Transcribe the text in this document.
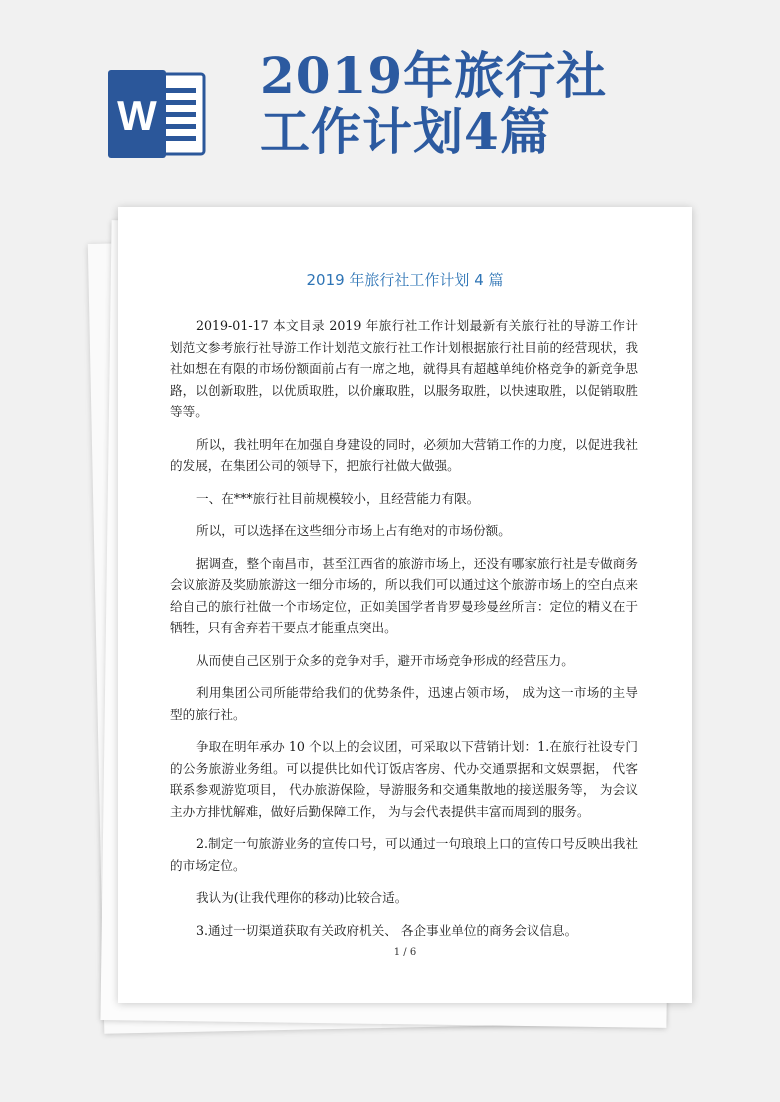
W
2019年旅行社
工作计划4篇
2019 年旅行社工作计划 4 篇

2019-01-17 本文目录 2019 年旅行社工作计划最新有关旅行社的导游工作计划范文参考旅行社导游工作计划范文旅行社工作计划根据旅行社目前的经营现状，我社如想在有限的市场份额面前占有一席之地，就得具有超越单纯价格竞争的新竞争思路，以创新取胜，以优质取胜，以价廉取胜，以服务取胜，以快速取胜，以促销取胜等等。

所以，我社明年在加强自身建设的同时，必须加大营销工作的力度，以促进我社的发展，在集团公司的领导下，把旅行社做大做强。

一、在***旅行社目前规模较小，且经营能力有限。

所以，可以选择在这些细分市场上占有绝对的市场份额。

据调查，整个南昌市，甚至江西省的旅游市场上，还没有哪家旅行社是专做商务会议旅游及奖励旅游这一细分市场的，所以我们可以通过这个旅游市场上的空白点来给自己的旅行社做一个市场定位，正如美国学者肯罗曼珍曼丝所言：定位的精义在于牺牲，只有舍弃若干要点才能重点突出。

从而使自己区别于众多的竞争对手，避开市场竞争形成的经营压力。

利用集团公司所能带给我们的优势条件，迅速占领市场， 成为这一市场的主导型的旅行社。

争取在明年承办 10 个以上的会议团，可采取以下营销计划：1.在旅行社设专门的公务旅游业务组。可以提供比如代订饭店客房、代办交通票据和文娱票据， 代客联系参观游览项目， 代办旅游保险，导游服务和交通集散地的接送服务等， 为会议主办方排忧解难，做好后勤保障工作， 为与会代表提供丰富而周到的服务。

2.制定一句旅游业务的宣传口号，可以通过一句琅琅上口的宣传口号反映出我社的市场定位。

我认为(让我代理你的移动)比较合适。

3.通过一切渠道获取有关政府机关、 各企事业单位的商务会议信息。

1 / 6
